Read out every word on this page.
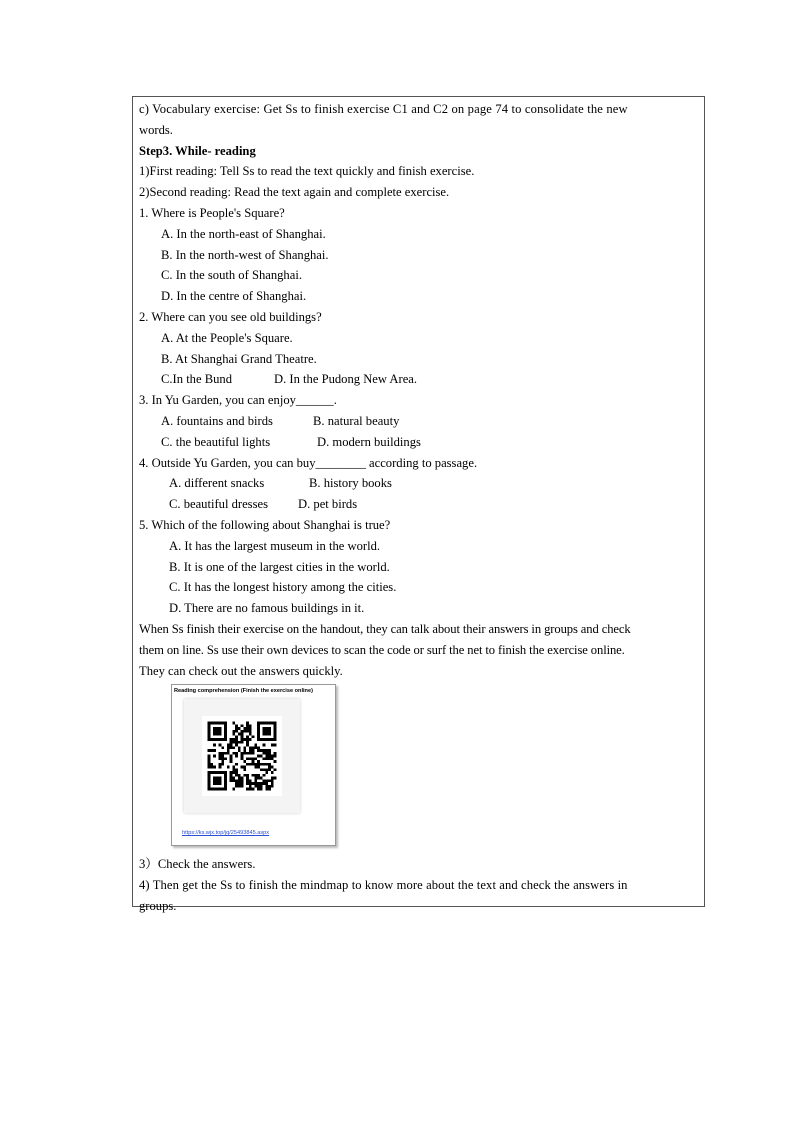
c) Vocabulary exercise: Get Ss to finish exercise C1 and C2 on page 74 to consolidate the new

words.

Step3. While- reading

1)First reading: Tell Ss to read the text quickly and finish exercise.

2)Second reading: Read the text again and complete exercise.

1. Where is People's Square?

A. In the north-east of Shanghai.

B. In the north-west of Shanghai.

C. In the south of Shanghai.

D. In the centre of Shanghai.

2. Where can you see old buildings?

A. At the People's Square.

B. At Shanghai Grand Theatre.

C.In the Bund	D. In the Pudong New Area.

3. In Yu Garden, you can enjoy______.

A. fountains and birds	B. natural beauty

C. the beautiful lights	D. modern buildings

4. Outside Yu Garden, you can buy________ according to passage.

A. different snacks	B. history books

C. beautiful dresses D. pet birds

5. Which of the following about Shanghai is true?

A. It has the largest museum in the world.

B. It is one of the largest cities in the world.

C. It has the longest history among the cities.

D. There are no famous buildings in it.

When Ss finish their exercise on the handout, they can talk about their answers in groups and check

them on line. Ss use their own devices to scan the code or surf the net to finish the exercise online.

They can check out the answers quickly.

Reading comprehension (Finish the exercise online)
https://ks.wjx.top/jq/25493845.aspx

3）Check the answers.

4) Then get the Ss to finish the mindmap to know more about the text and check the answers in

groups.
